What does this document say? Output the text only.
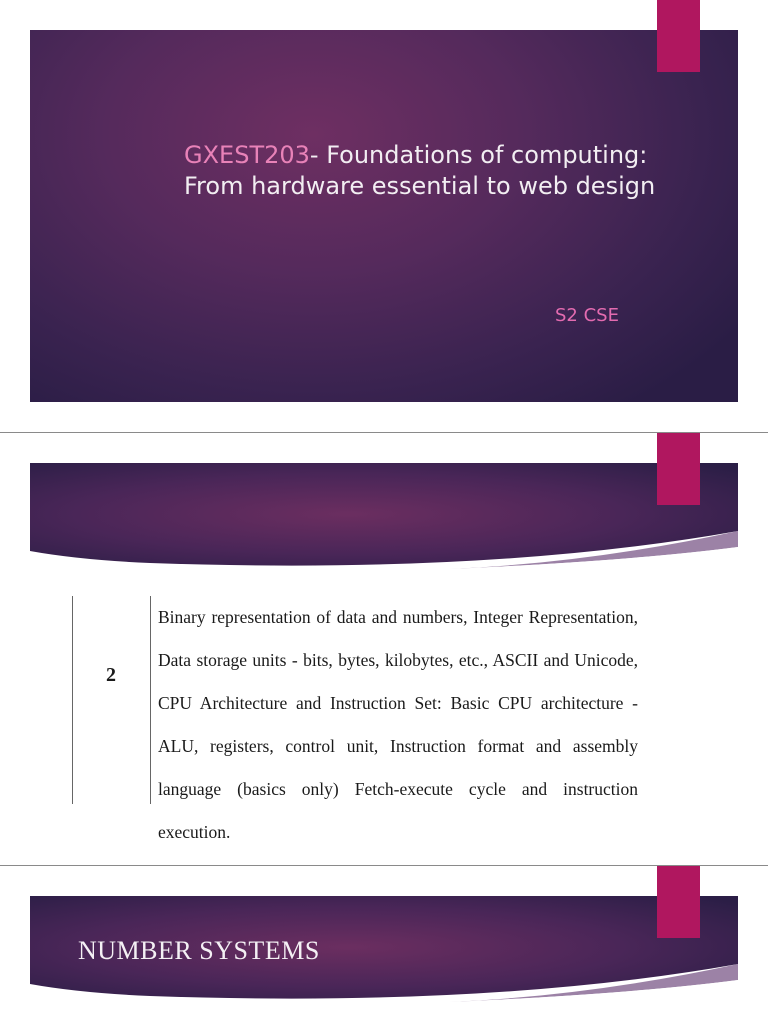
GXEST203- Foundations of computing: From hardware essential to web design
S2 CSE
2

Binary representation of data and numbers, Integer Representation, Data storage units - bits, bytes, kilobytes, etc., ASCII and Unicode, CPU Architecture and Instruction Set: Basic CPU architecture - ALU, registers, control unit, Instruction format and assembly language (basics only) Fetch-execute cycle and instruction execution.

NUMBER SYSTEMS
